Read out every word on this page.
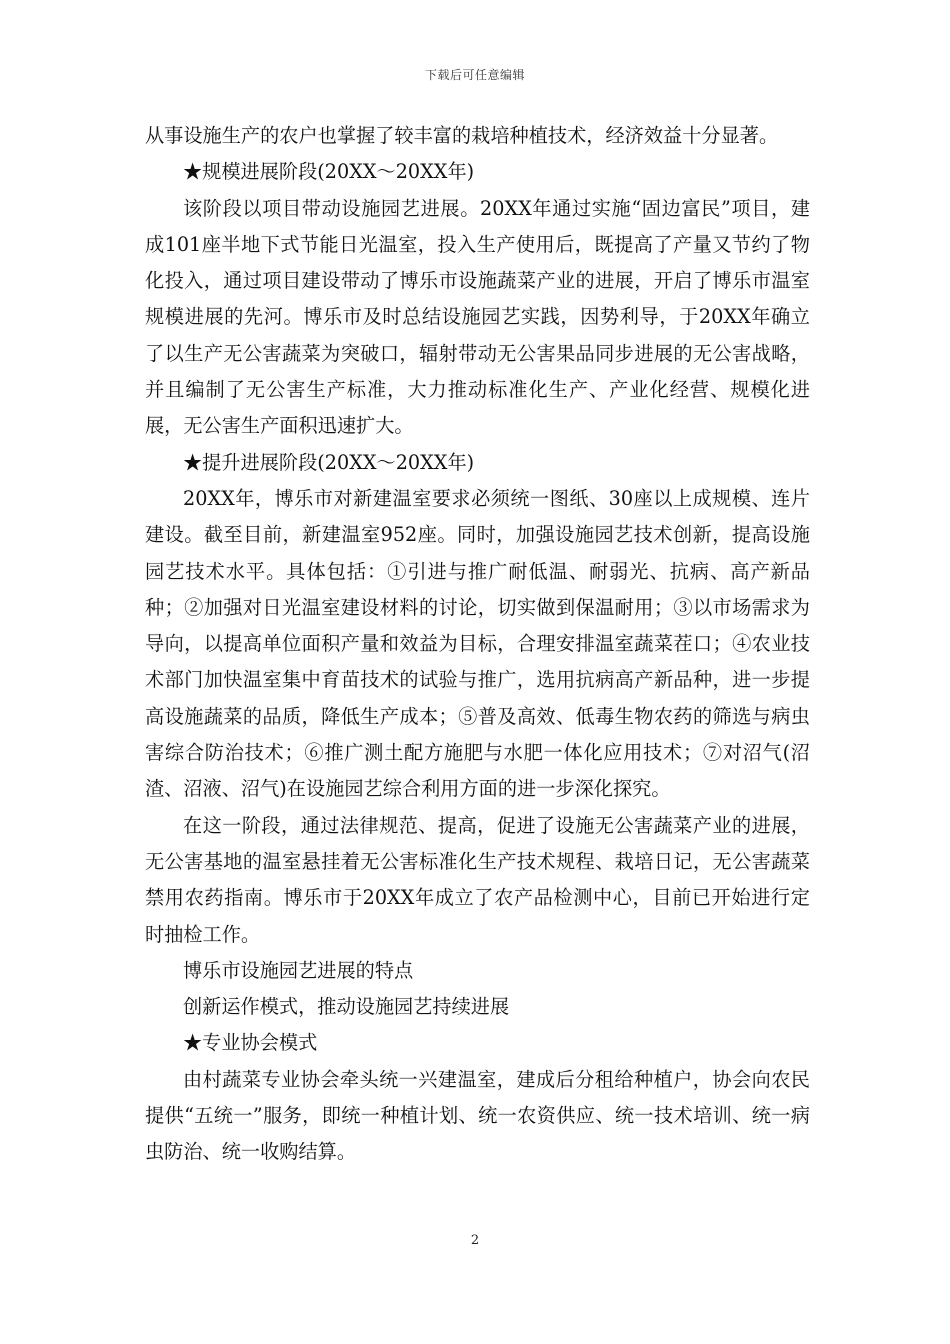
下载后可任意编辑

从事设施生产的农户也掌握了较丰富的栽培种植技术，经济效益十分显著。

★规模进展阶段(20XX～20XX年)

该阶段以项目带动设施园艺进展。20XX年通过实施“固边富民”项目，建成101座半地下式节能日光温室，投入生产使用后，既提高了产量又节约了物化投入，通过项目建设带动了博乐市设施蔬菜产业的进展，开启了博乐市温室规模进展的先河。博乐市及时总结设施园艺实践，因势利导，于20XX年确立了以生产无公害蔬菜为突破口，辐射带动无公害果品同步进展的无公害战略，并且编制了无公害生产标准，大力推动标准化生产、产业化经营、规模化进展，无公害生产面积迅速扩大。

★提升进展阶段(20XX～20XX年)

20XX年，博乐市对新建温室要求必须统一图纸、30座以上成规模、连片建设。截至目前，新建温室952座。同时，加强设施园艺技术创新，提高设施园艺技术水平。具体包括：①引进与推广耐低温、耐弱光、抗病、高产新品种；②加强对日光温室建设材料的讨论，切实做到保温耐用；③以市场需求为导向，以提高单位面积产量和效益为目标，合理安排温室蔬菜茬口；④农业技术部门加快温室集中育苗技术的试验与推广，选用抗病高产新品种，进一步提高设施蔬菜的品质，降低生产成本；⑤普及高效、低毒生物农药的筛选与病虫害综合防治技术；⑥推广测土配方施肥与水肥一体化应用技术；⑦对沼气(沼渣、沼液、沼气)在设施园艺综合利用方面的进一步深化探究。

在这一阶段，通过法律规范、提高，促进了设施无公害蔬菜产业的进展，无公害基地的温室悬挂着无公害标准化生产技术规程、栽培日记，无公害蔬菜禁用农药指南。博乐市于20XX年成立了农产品检测中心，目前已开始进行定时抽检工作。

博乐市设施园艺进展的特点

创新运作模式，推动设施园艺持续进展

★专业协会模式

由村蔬菜专业协会牵头统一兴建温室，建成后分租给种植户，协会向农民提供“五统一”服务，即统一种植计划、统一农资供应、统一技术培训、统一病虫防治、统一收购结算。

2
